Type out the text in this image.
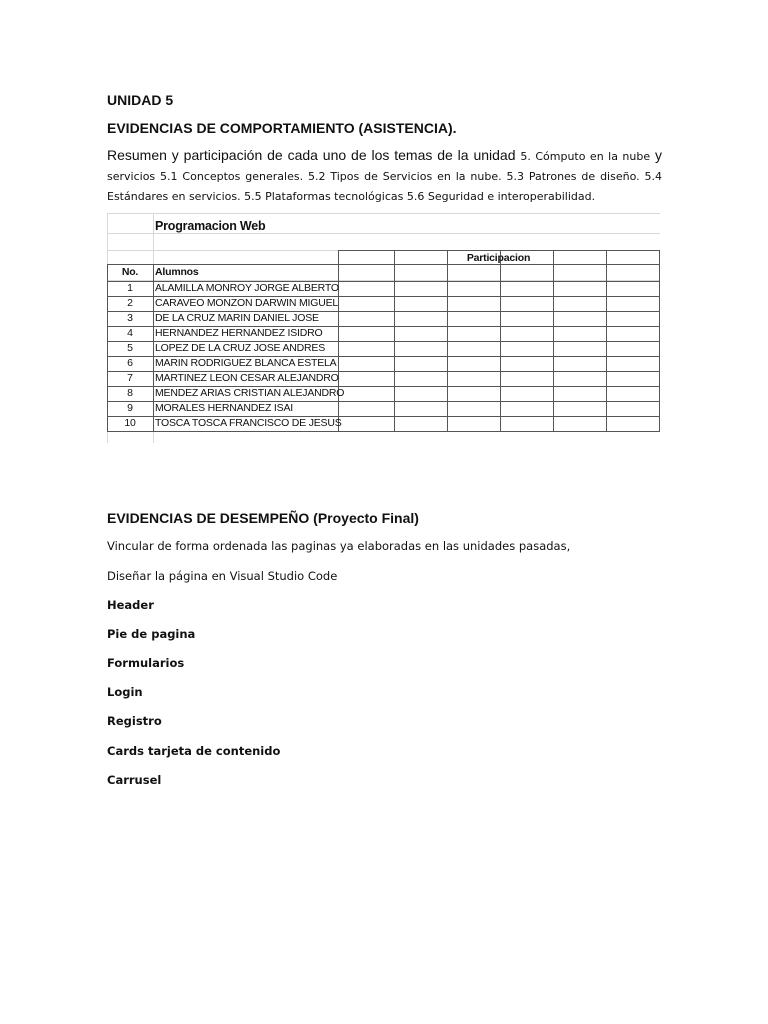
UNIDAD 5
EVIDENCIAS DE COMPORTAMIENTO (ASISTENCIA).

Resumen y participación de cada uno de los temas de la unidad 5. Cómputo en la nube y servicios 5.1 Conceptos generales. 5.2 Tipos de Servicios en la nube. 5.3 Patrones de diseño. 5.4 Estándares en servicios. 5.5 Plataformas tecnológicas 5.6 Seguridad e interoperabilidad.

Programacion Web
Participacion
No.	Alumnos
1	ALAMILLA MONROY JORGE ALBERTO
2	CARAVEO MONZON DARWIN MIGUEL
3	DE LA CRUZ MARIN DANIEL JOSE
4	HERNANDEZ HERNANDEZ ISIDRO
5	LOPEZ DE LA CRUZ JOSE ANDRES
6	MARIN RODRIGUEZ BLANCA ESTELA
7	MARTINEZ LEON CESAR ALEJANDRO
8	MENDEZ ARIAS CRISTIAN ALEJANDRO
9	MORALES HERNANDEZ ISAI
10	TOSCA TOSCA FRANCISCO DE JESUS
EVIDENCIAS DE DESEMPEÑO (Proyecto Final)

Vincular de forma ordenada las paginas ya elaboradas en las unidades pasadas,

Diseñar la página en Visual Studio Code

Header

Pie de pagina

Formularios

Login

Registro

Cards tarjeta de contenido

Carrusel
